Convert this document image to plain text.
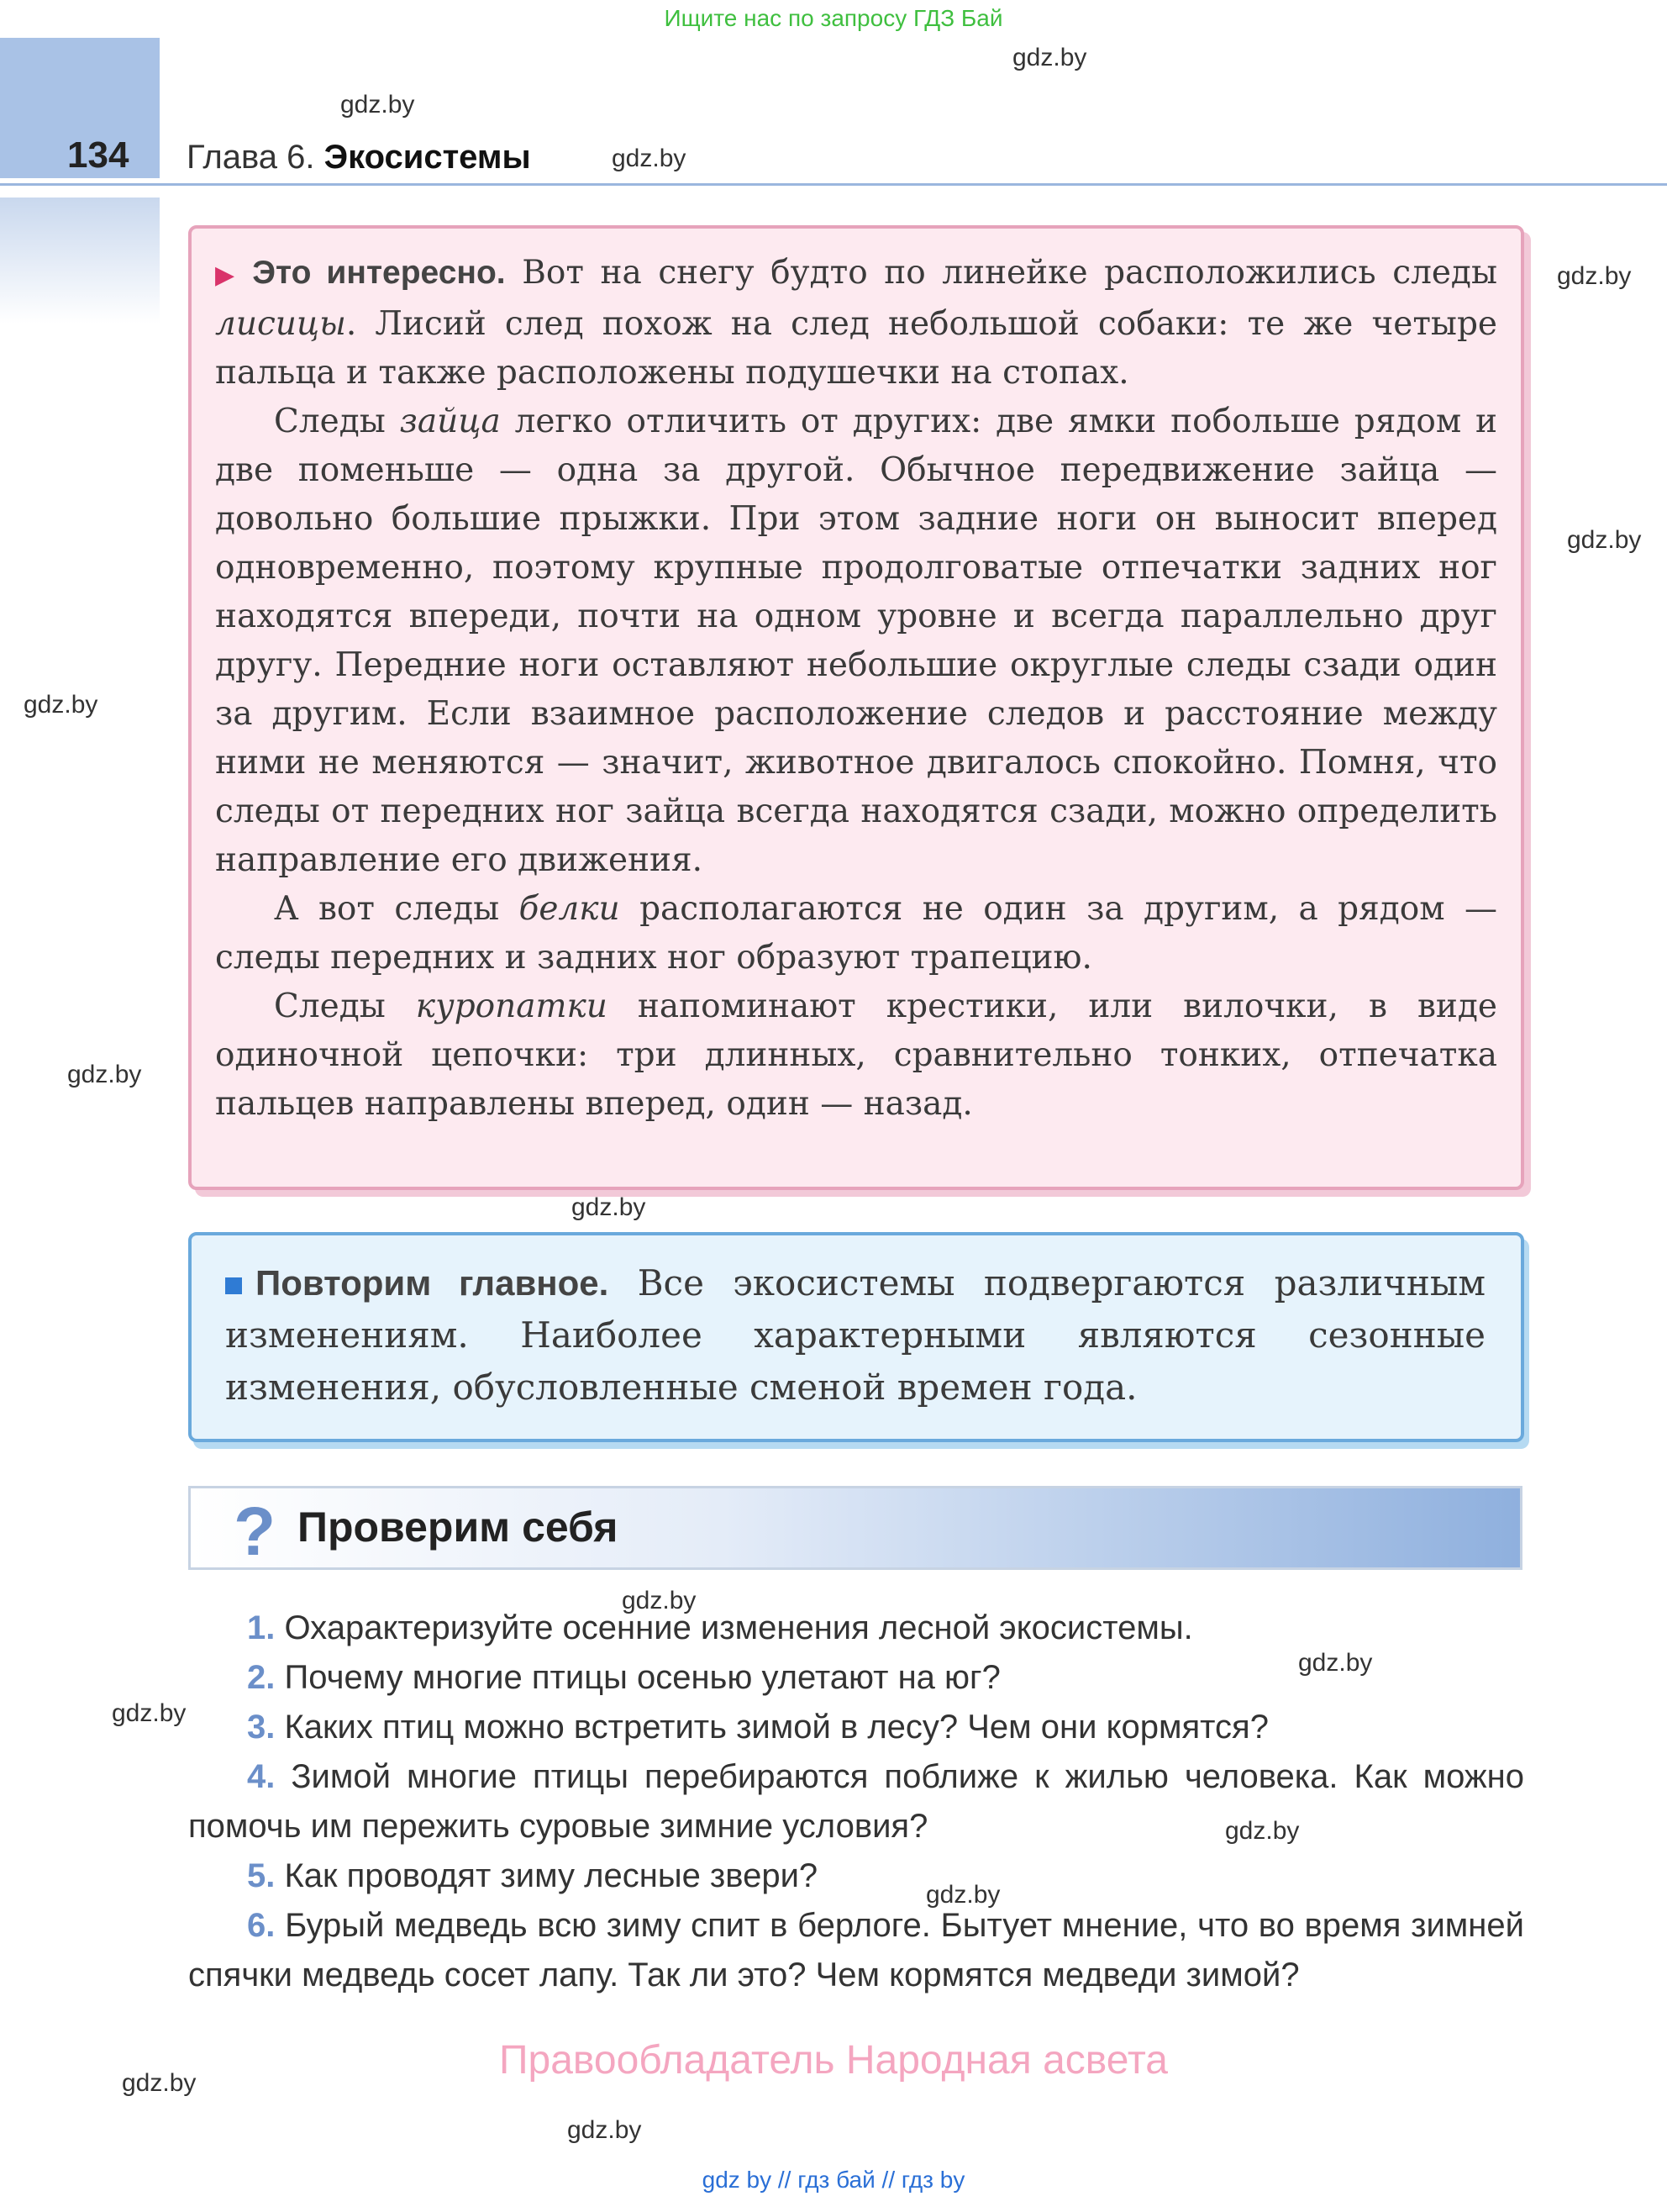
Ищите нас по запросу ГДЗ Бай
134 Глава 6. Экосистемы
gdz.by
gdz.by
gdz.by
gdz.by
gdz.by
gdz.by
gdz.by
gdz.by
gdz.by
gdz.by
gdz.by
gdz.by
gdz.by
gdz.by
gdz.by

▶ Это интересно. Вот на снегу будто по линейке расположились следы лисицы. Лисий след похож на след небольшой собаки: те же четыре пальца и также расположены подушечки на стопах.

Следы зайца легко отличить от других: две ямки побольше рядом и две поменьше — одна за другой. Обычное передвижение зайца — довольно большие прыжки. При этом задние ноги он выносит вперед одновременно, поэтому крупные продолговатые отпечатки задних ног находятся впереди, почти на одном уровне и всегда параллельно друг другу. Передние ноги оставляют небольшие округлые следы сзади один за другим. Если взаимное расположение следов и расстояние между ними не меняются — значит, животное двигалось спокойно. Помня, что следы от передних ног зайца всегда находятся сзади, можно определить направление его движения.

А вот следы белки располагаются не один за другим, а рядом — следы передних и задних ног образуют трапецию.

Следы куропатки напоминают крестики, или вилочки, в виде одиночной цепочки: три длинных, сравнительно тонких, отпечатка пальцев направлены вперед, один — назад.

Повторим главное. Все экосистемы подвергаются различным изменениям. Наиболее характерными являются сезонные изменения, обусловленные сменой времен года.

? Проверим себя

1. Охарактеризуйте осенние изменения лесной экосистемы.

2. Почему многие птицы осенью улетают на юг?

3. Каких птиц можно встретить зимой в лесу? Чем они кормятся?

4. Зимой многие птицы перебираются поближе к жилью человека. Как можно помочь им пережить суровые зимние условия?

5. Как проводят зиму лесные звери?

6. Бурый медведь всю зиму спит в берлоге. Бытует мнение, что во время зимней спячки медведь сосет лапу. Так ли это? Чем кормятся медведи зимой?

Правообладатель Народная асвета
gdz by // гдз бай // гдз by
